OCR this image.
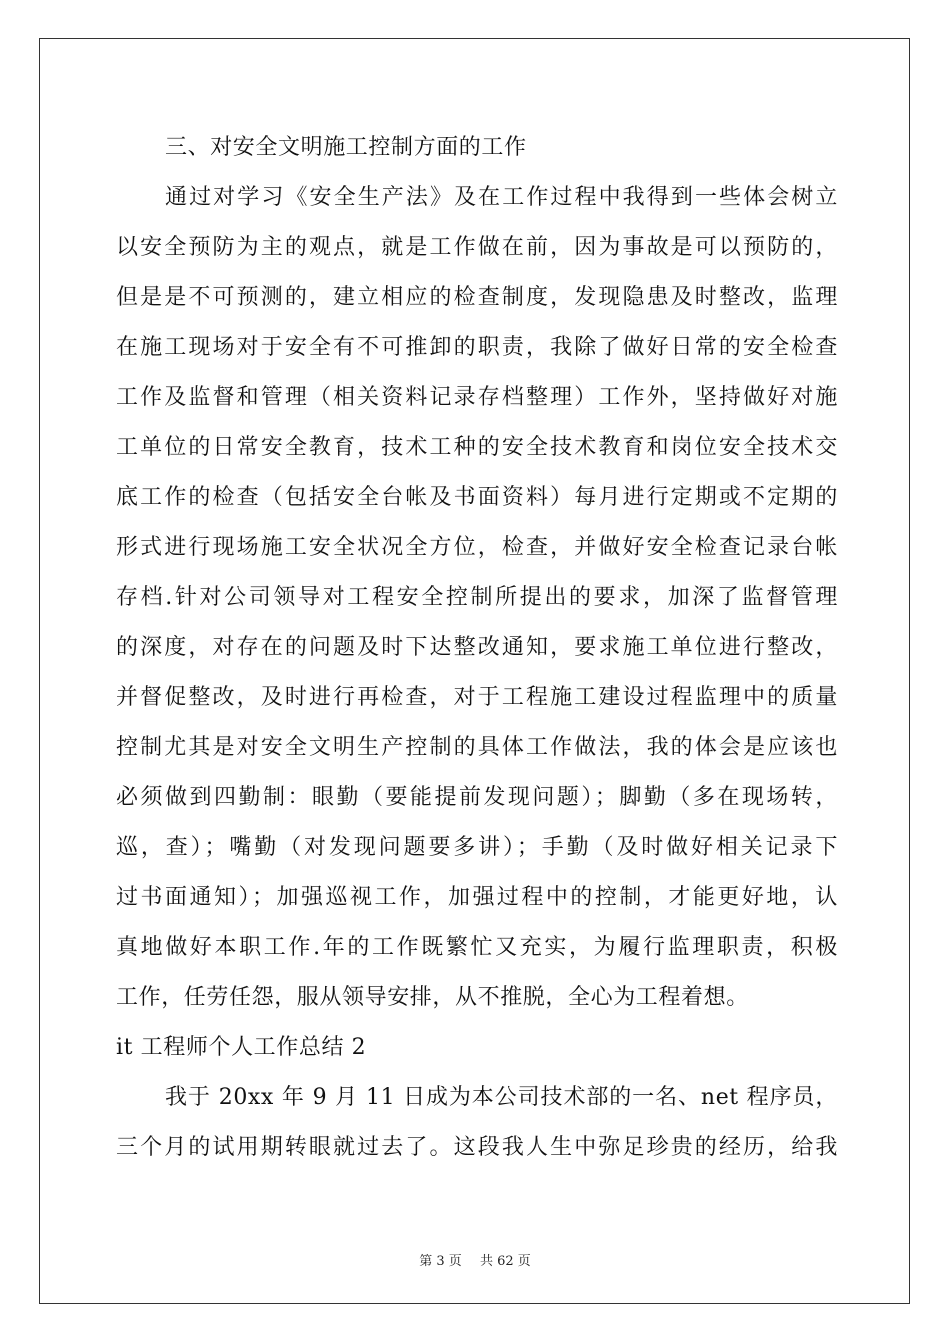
三、对安全文明施工控制方面的工作
通过对学习《安全生产法》及在工作过程中我得到一些体会树立
以安全预防为主的观点，就是工作做在前，因为事故是可以预防的，
但是是不可预测的，建立相应的检查制度，发现隐患及时整改，监理
在施工现场对于安全有不可推卸的职责，我除了做好日常的安全检查
工作及监督和管理（相关资料记录存档整理）工作外，坚持做好对施
工单位的日常安全教育，技术工种的安全技术教育和岗位安全技术交
底工作的检查（包括安全台帐及书面资料）每月进行定期或不定期的
形式进行现场施工安全状况全方位，检查，并做好安全检查记录台帐
存档.针对公司领导对工程安全控制所提出的要求，加深了监督管理
的深度，对存在的问题及时下达整改通知，要求施工单位进行整改，
并督促整改，及时进行再检查，对于工程施工建设过程监理中的质量
控制尤其是对安全文明生产控制的具体工作做法，我的体会是应该也
必须做到四勤制：眼勤（要能提前发现问题）；脚勤（多在现场转，
巡，查）；嘴勤（对发现问题要多讲）；手勤（及时做好相关记录下
过书面通知）；加强巡视工作，加强过程中的控制，才能更好地，认
真地做好本职工作.年的工作既繁忙又充实，为履行监理职责，积极
工作，任劳任怨，服从领导安排，从不推脱，全心为工程着想。
it 工程师个人工作总结 2
我于 20xx 年 9 月 11 日成为本公司技术部的一名、net 程序员，
三个月的试用期转眼就过去了。这段我人生中弥足珍贵的经历，给我
第 3 页 共 62 页
